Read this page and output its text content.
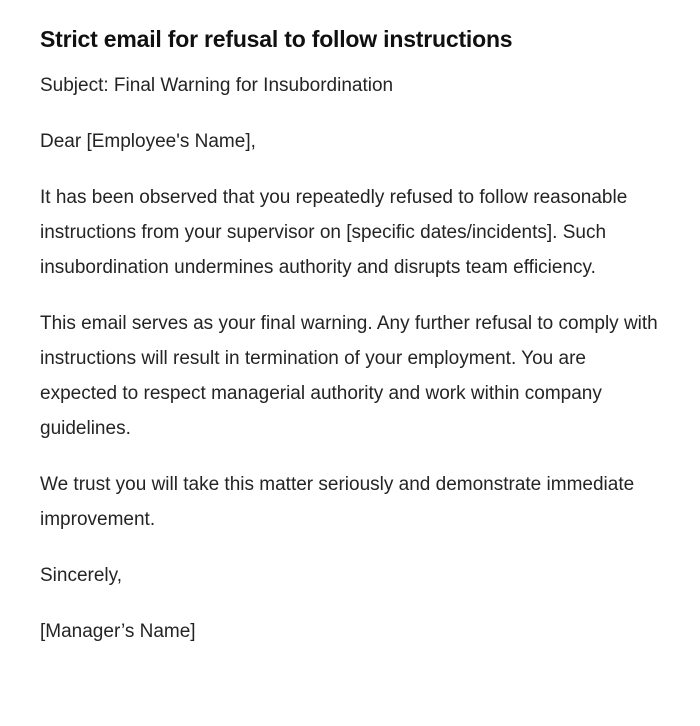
Strict email for refusal to follow instructions

Subject: Final Warning for Insubordination

Dear [Employee's Name],

It has been observed that you repeatedly refused to follow reasonable instructions from your supervisor on [specific dates/incidents]. Such insubordination undermines authority and disrupts team efficiency.

This email serves as your final warning. Any further refusal to comply with instructions will result in termination of your employment. You are expected to respect managerial authority and work within company guidelines.

We trust you will take this matter seriously and demonstrate immediate improvement.

Sincerely,

[Manager’s Name]
